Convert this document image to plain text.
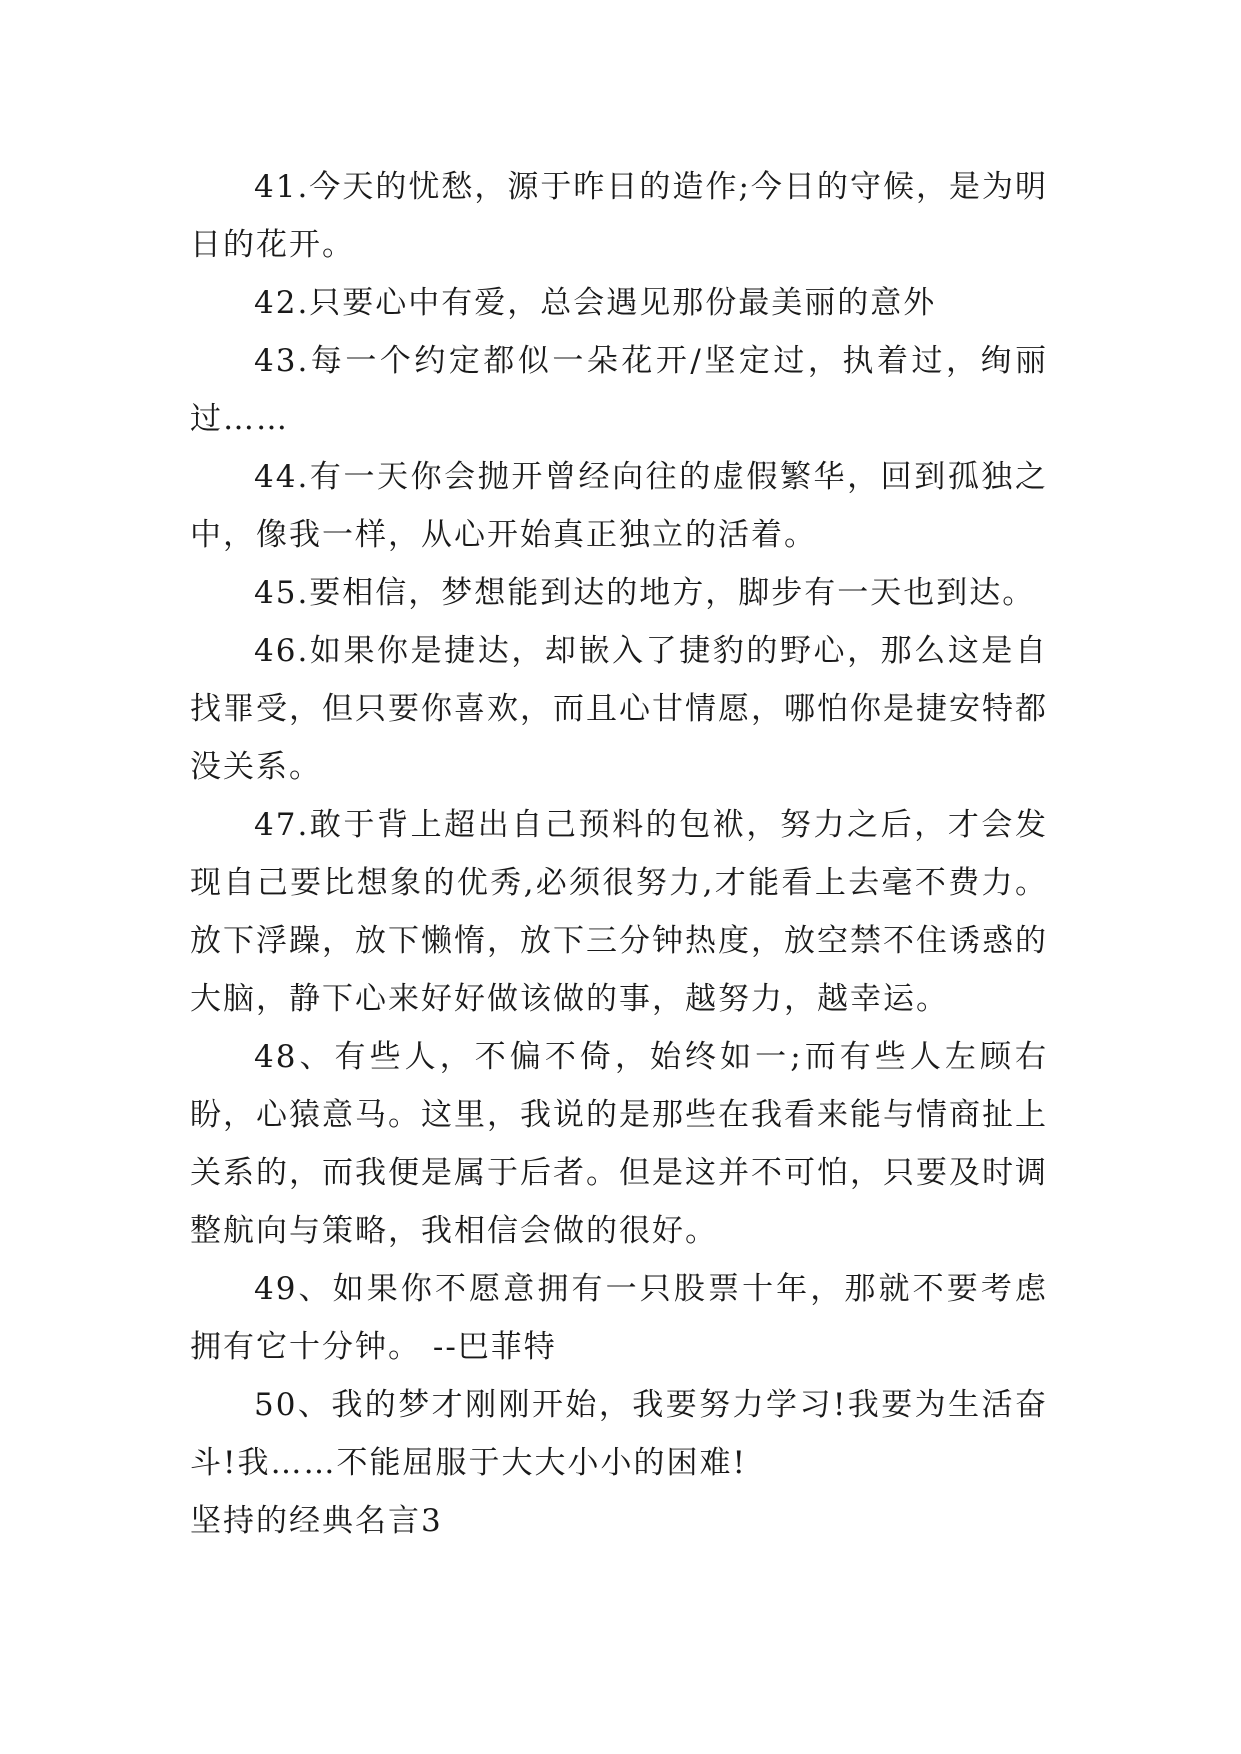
41.今天的忧愁，源于昨日的造作;今日的守候，是为明日的花开。

42.只要心中有爱，总会遇见那份最美丽的意外

43.每一个约定都似一朵花开/坚定过，执着过，绚丽过……

44.有一天你会抛开曾经向往的虚假繁华，回到孤独之中，像我一样，从心开始真正独立的活着。

45.要相信，梦想能到达的地方，脚步有一天也到达。

46.如果你是捷达，却嵌入了捷豹的野心，那么这是自找罪受，但只要你喜欢，而且心甘情愿，哪怕你是捷安特都没关系。

47.敢于背上超出自己预料的包袱，努力之后，才会发现自己要比想象的优秀,必须很努力,才能看上去毫不费力。放下浮躁，放下懒惰，放下三分钟热度，放空禁不住诱惑的大脑，静下心来好好做该做的事，越努力，越幸运。

48、有些人，不偏不倚，始终如一;而有些人左顾右盼，心猿意马。这里，我说的是那些在我看来能与情商扯上关系的，而我便是属于后者。但是这并不可怕，只要及时调整航向与策略，我相信会做的很好。

49、如果你不愿意拥有一只股票十年，那就不要考虑拥有它十分钟。 --巴菲特

50、我的梦才刚刚开始，我要努力学习!我要为生活奋斗!我……不能屈服于大大小小的困难!

坚持的经典名言3
